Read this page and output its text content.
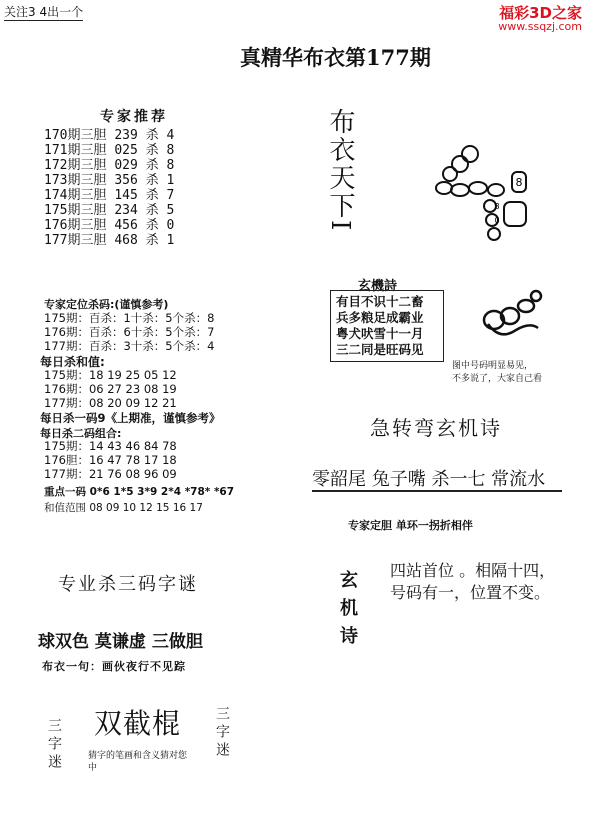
关注3 4出一个	福彩3D之家
www.ssqzj.com
真精华布衣第177期
专家推荐
170期三胆 239 杀 4
171期三胆 025 杀 8
172期三胆 029 杀 8
173期三胆 356 杀 1
174期三胆 145 杀 7
175期三胆 234 杀 5
176期三胆 456 杀 0
177期三胆 468 杀 1
专家定位杀码:(谨慎参考)
175期：百杀：1十杀：5个杀：8
176期：百杀：6十杀：5个杀：7
177期：百杀：3十杀：5个杀：4
每日杀和值:
175期：18 19 25 05 12
176期：06 27 23 08 19
177期：08 20 09 12 21
每日杀一码9《上期准，谨慎参考》
每日杀二码组合:
175期：14 43 46 84 78
176胆：16 47 78 17 18
177期：21 76 08 96 09
重点一码 0*6 1*5 3*9 2*4 *78* *67
和值范围 08 09 10 12 15 16 17
专业杀三码字谜
球双色 莫谦虚 三做胆
布衣一句：画伙夜行不见踪
三字迷 双截棍 三字迷
猜字的笔画和含义猜对您中
布衣天下I	8
8
0
玄機詩
有目不识十二畜
兵多粮足成霸业
粤犬吠雪十一月
三二同是旺码见
图中号码明显易见，
不多说了，大家自己看
急转弯玄机诗
零韶尾 兔子嘴 杀一七 常流水
专家定胆 单环一拐折相伴
玄机诗 四站首位 。相隔十四，
号码有一，位置不变。
